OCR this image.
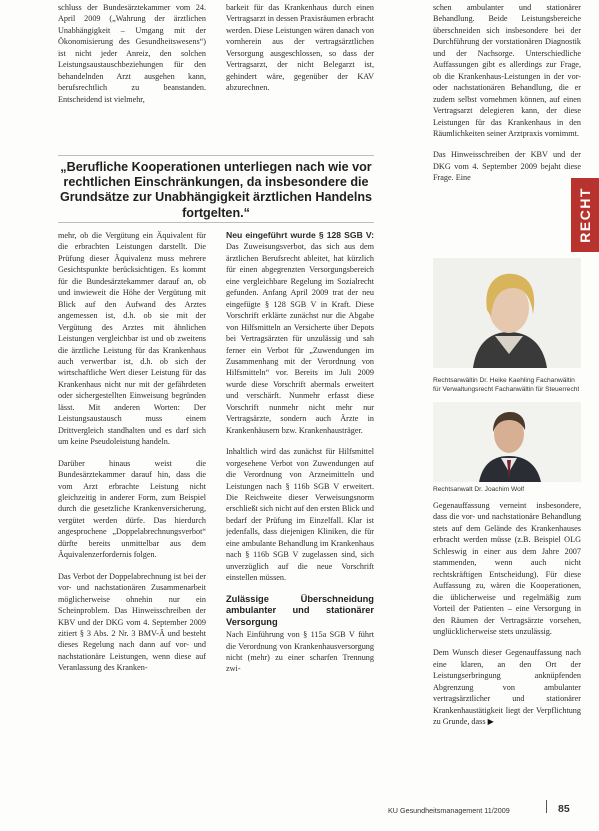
RECHT

schluss der Bundesärztekammer vom 24. April 2009 („Wahrung der ärztlichen Unabhängigkeit – Umgang mit der Ökonomisierung des Gesundheitswesens“) ist nicht jeder Anreiz, den solchen Leistungsaustauschbeziehungen für den behandelnden Arzt ausgehen kann, berufsrechtlich zu beanstanden. Entscheidend ist vielmehr,

barkeit für das Krankenhaus durch einen Vertragsarzt in dessen Praxisräumen erbracht werden. Diese Leistungen wären danach von vornherein aus der vertragsärztlichen Versorgung ausgeschlossen, so dass der Vertragsarzt, der nicht Belegarzt ist, gehindert wäre, gegenüber der KAV abzurechnen.

schen ambulanter und stationärer Behandlung. Beide Leistungsbereiche überschneiden sich insbesondere bei der Durchführung der vorstationären Diagnostik und der Nachsorge. Unterschiedliche Auffassungen gibt es allerdings zur Frage, ob die Krankenhaus-Leistungen in der vor- oder nachstationären Behandlung, die er zudem selbst vornehmen können, auf einen Vertragsarzt delegieren kann, der diese Leistungen für das Krankenhaus in den Räumlichkeiten seiner Arztpraxis vornimmt.

Das Hinweisschreiben der KBV und der DKG vom 4. September 2009 bejaht diese Frage. Eine

„Berufliche Kooperationen unterliegen nach wie vor rechtlichen Einschränkungen, da insbesondere die Grundsätze zur Unabhängigkeit ärztlichen Handelns fortgelten.“

mehr, ob die Vergütung ein Äquivalent für die erbrachten Leistungen darstellt. Die Prüfung dieser Äquivalenz muss mehrere Gesichtspunkte berücksichtigen. Es kommt für die Bundesärztekammer darauf an, ob und inwieweit die Höhe der Vergütung mit Blick auf den Aufwand des Arztes angemessen ist, d.h. ob sie mit der Vergütung des Arztes mit ähnlichen Leistungen vergleichbar ist und ob zweitens die ärztliche Leistung für das Krankenhaus auch verwertbar ist, d.h. ob sich der wirtschaftliche Wert dieser Leistung für das Krankenhaus nicht nur mit der gefährdeten oder sichergestellten Einweisung begründen lässt. Mit anderen Worten: Der Leistungsaustausch muss einem Drittvergleich standhalten und es darf sich um keine Pseudoleistung handeln.

Darüber hinaus weist die Bundesärztekammer darauf hin, dass die vom Arzt erbrachte Leistung nicht gleichzeitig in anderer Form, zum Beispiel durch die gesetzliche Krankenversicherung, vergütet werden dürfe. Das hierdurch angesprochene „Doppelabrechnungsverbot“ dürfte bereits unmittelbar aus dem Äquivalenzerfordernis folgen.

Das Verbot der Doppelabrechnung ist bei der vor- und nachstationären Zusammenarbeit möglicherweise ohnehin nur ein Scheinproblem. Das Hinweisschreiben der KBV und der DKG vom 4. September 2009 zitiert § 3 Abs. 2 Nr. 3 BMV-Ä und besteht dieses Regelung nach dann auf vor- und nachstationäre Leistungen, wenn diese auf Veranlassung des Kranken-

Neu eingeführt wurde § 128 SGB V: Das Zuweisungsverbot, das sich aus dem ärztlichen Berufsrecht ableitet, hat kürzlich für einen abgegrenzten Versorgungsbereich eine vergleichbare Regelung im Sozialrecht gefunden. Anfang April 2009 trat der neu eingefügte § 128 SGB V in Kraft. Diese Vorschrift erklärte zunächst nur die Abgabe von Hilfsmitteln an Versicherte über Depots bei Vertragsärzten für unzulässig und sah ferner ein Verbot für „Zuwendungen im Zusammenhang mit der Verordnung von Hilfsmitteln“ vor. Bereits im Juli 2009 wurde diese Vorschrift abermals erweitert und verschärft. Nunmehr erfasst diese Vorschrift nunmehr nicht mehr nur Vertragsärzte, sondern auch Ärzte in Krankenhäusern bzw. Krankenhausträger.

Inhaltlich wird das zunächst für Hilfsmittel vorgesehene Verbot von Zuwendungen auf die Verordnung von Arzneimitteln und Leistungen nach § 116b SGB V erweitert. Die Reichweite dieser Verweisungsnorm erschließt sich nicht auf den ersten Blick und bedarf der Prüfung im Einzelfall. Klar ist jedenfalls, dass diejenigen Kliniken, die für eine ambulante Behandlung im Krankenhaus nach § 116b SGB V zugelassen sind, sich unverzüglich auf die neue Vorschrift einstellen müssen.

Zulässige Überschneidung ambulanter und stationärer Versorgung

Nach Einführung von § 115a SGB V führt die Verordnung von Krankenhausversorgung nicht (mehr) zu einer scharfen Trennung zwi-

Rechtsanwältin Dr. Heike Kaehling Fachanwältin für Verwaltungsrecht Fachanwältin für Steuerrecht
Rechtsanwalt Dr. Joachim Wolf

Gegenauffassung verneint insbesondere, dass die vor- und nachstationäre Behandlung stets auf dem Gelände des Krankenhauses erbracht werden müsse (z.B. Beispiel OLG Schleswig in einer aus dem Jahre 2007 stammenden, wenn auch nicht rechtskräftigen Entscheidung). Für diese Auffassung zu, wären die Kooperationen, die üblicherweise und regelmäßig zum Vorteil der Patienten – eine Versorgung in den Räumen der Vertragsärzte vorsehen, unglücklicherweise stets unzulässig.

Dem Wunsch dieser Gegenauffassung nach eine klaren, an den Ort der Leistungserbringung anknüpfenden Abgrenzung von ambulanter vertragsärztlicher und stationärer Krankenhaustätigkeit liegt der Verpflichtung zu Grunde, dass ▶

KU Gesundheitsmanagement 11/2009	85
